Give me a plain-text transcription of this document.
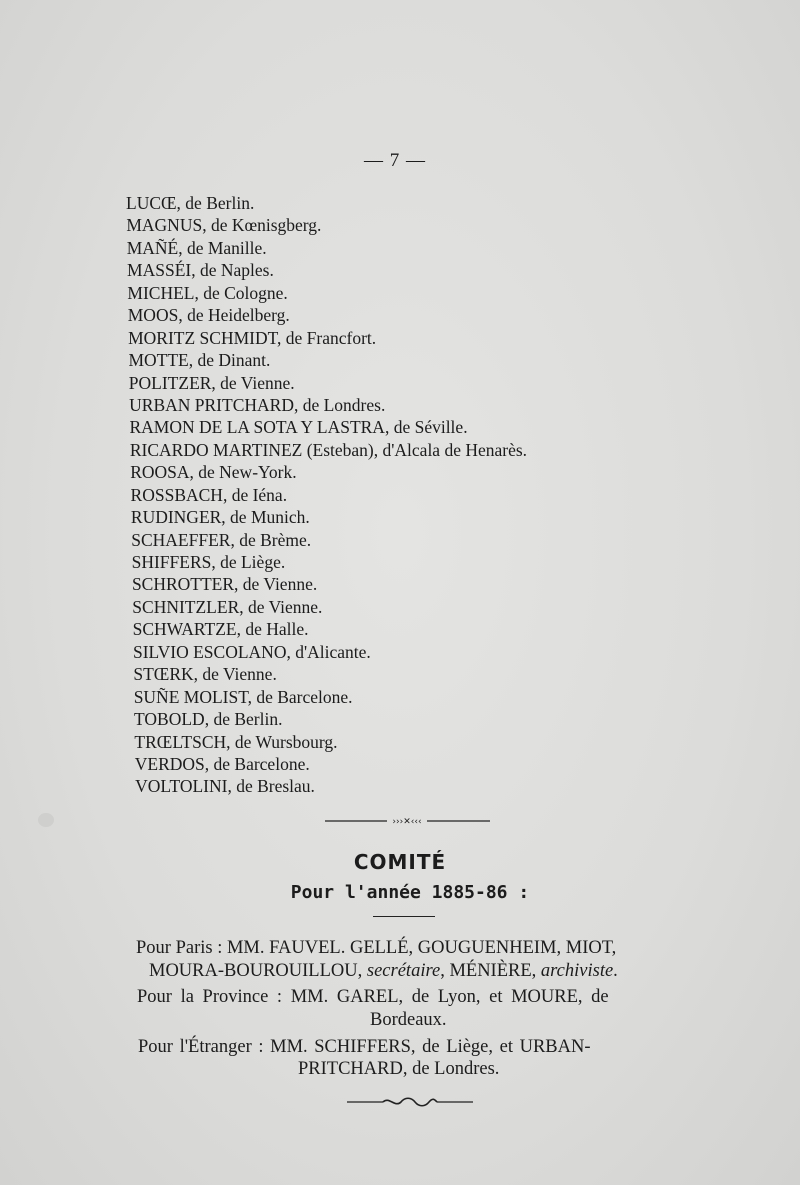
— 7 —
LUCŒ, de Berlin.
MAGNUS, de Kœnisgberg.
MAÑÉ, de Manille.
MASSÉI, de Naples.
MICHEL, de Cologne.
MOOS, de Heidelberg.
MORITZ SCHMIDT, de Francfort.
MOTTE, de Dinant.
POLITZER, de Vienne.
URBAN PRITCHARD, de Londres.
RAMON DE LA SOTA Y LASTRA, de Séville.
RICARDO MARTINEZ (Esteban), d'Alcala de Henarès.
ROOSA, de New-York.
ROSSBACH, de Iéna.
RUDINGER, de Munich.
SCHAEFFER, de Brème.
SHIFFERS, de Liège.
SCHROTTER, de Vienne.
SCHNITZLER, de Vienne.
SCHWARTZE, de Halle.
SILVIO ESCOLANO, d'Alicante.
STŒRK, de Vienne.
SUÑE MOLIST, de Barcelone.
TOBOLD, de Berlin.
TRŒLTSCH, de Wursbourg.
VERDOS, de Barcelone.
VOLTOLINI, de Breslau.
›››✕‹‹‹
COMITÉ
Pour l'année 1885-86 :
Pour Paris : MM. FAUVEL. GELLÉ, GOUGUENHEIM, MIOT,
MOURA-BOUROUILLOU, secrétaire, MÉNIÈRE, archiviste.
Pour la Province : MM. GAREL, de Lyon, et MOURE, de
Bordeaux.
Pour l'Étranger : MM. SCHIFFERS, de Liège, et URBAN-
PRITCHARD, de Londres.
